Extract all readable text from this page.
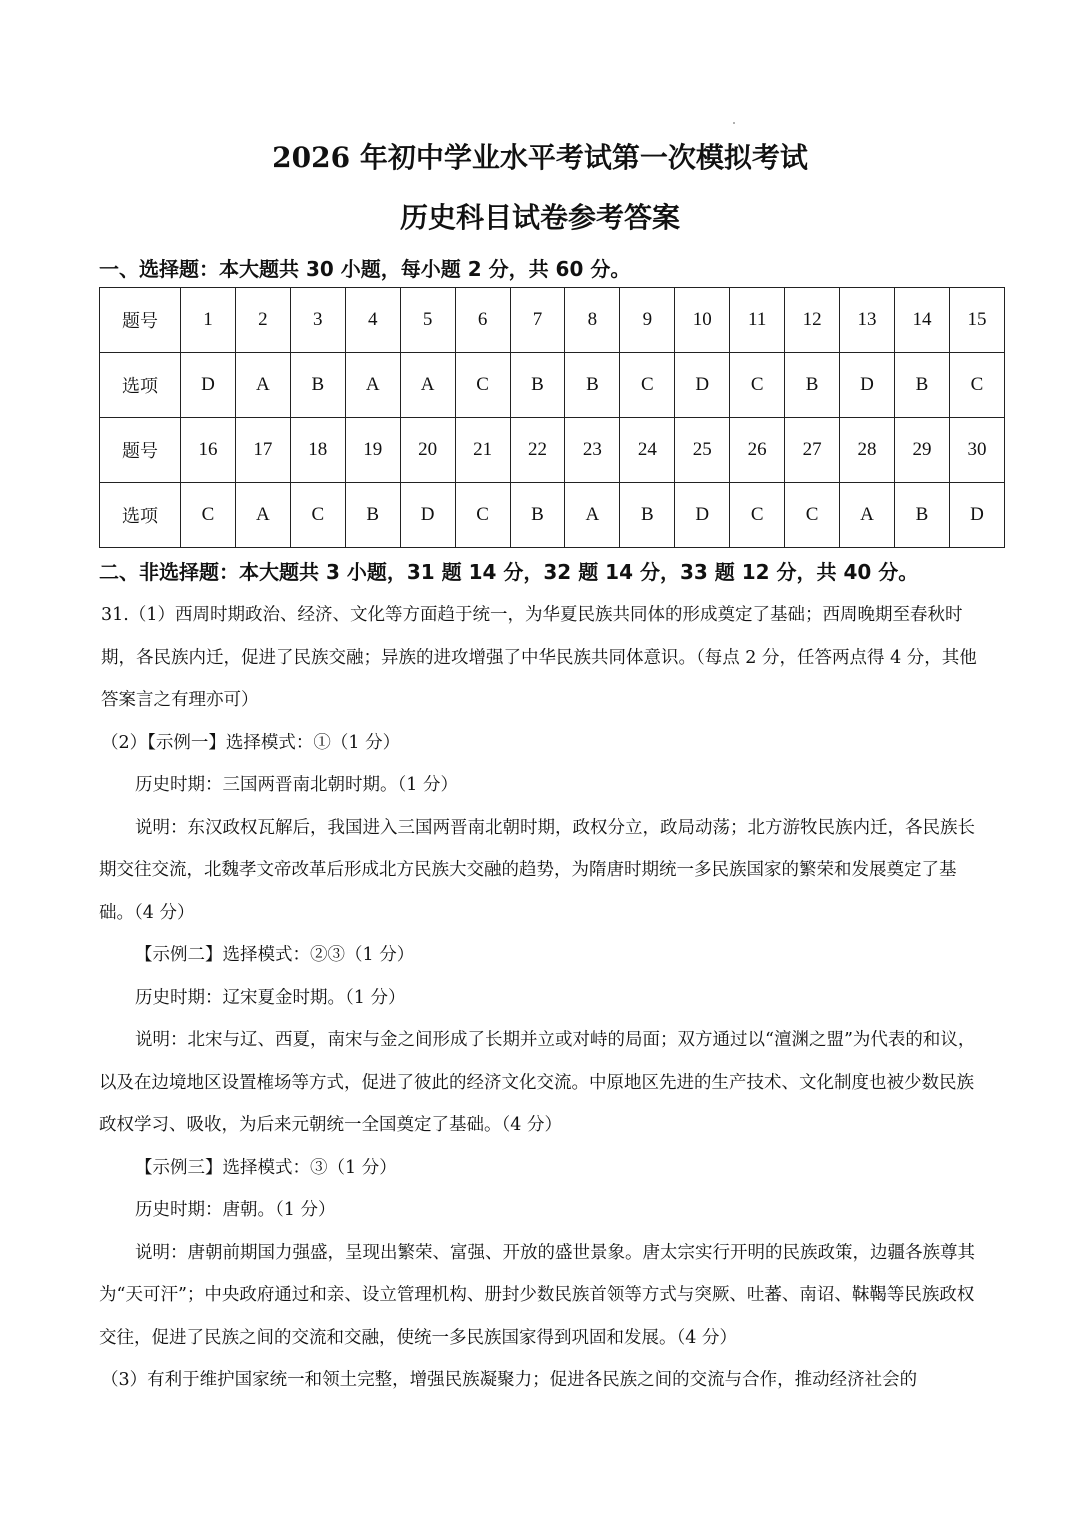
2026 年初中学业水平考试第一次模拟考试
历史科目试卷参考答案
一、选择题：本大题共 30 小题，每小题 2 分，共 60 分。
题号	1	2	3	4	5	6	7	8	9	10	11	12	13	14	15
选项	D	A	B	A	A	C	B	B	C	D	C	B	D	B	C
题号	16	17	18	19	20	21	22	23	24	25	26	27	28	29	30
选项	C	A	C	B	D	C	B	A	B	D	C	C	A	B	D
二、非选择题：本大题共 3 小题，31 题 14 分，32 题 14 分，33 题 12 分，共 40 分。

31.（1）西周时期政治、经济、文化等方面趋于统一，为华夏民族共同体的形成奠定了基础；西周晚期至春秋时期，各民族内迁，促进了民族交融；异族的进攻增强了中华民族共同体意识。（每点 2 分，任答两点得 4 分，其他答案言之有理亦可）

（2）【示例一】选择模式：①（1 分）

历史时期：三国两晋南北朝时期。（1 分）

说明：东汉政权瓦解后，我国进入三国两晋南北朝时期，政权分立，政局动荡；北方游牧民族内迁，各民族长期交往交流，北魏孝文帝改革后形成北方民族大交融的趋势，为隋唐时期统一多民族国家的繁荣和发展奠定了基础。（4 分）

【示例二】选择模式：②③（1 分）

历史时期：辽宋夏金时期。（1 分）

说明：北宋与辽、西夏，南宋与金之间形成了长期并立或对峙的局面；双方通过以“澶渊之盟”为代表的和议，以及在边境地区设置榷场等方式，促进了彼此的经济文化交流。中原地区先进的生产技术、文化制度也被少数民族政权学习、吸收，为后来元朝统一全国奠定了基础。（4 分）

【示例三】选择模式：③（1 分）

历史时期：唐朝。（1 分）

说明：唐朝前期国力强盛，呈现出繁荣、富强、开放的盛世景象。唐太宗实行开明的民族政策，边疆各族尊其为“天可汗”；中央政府通过和亲、设立管理机构、册封少数民族首领等方式与突厥、吐蕃、南诏、靺鞨等民族政权交往，促进了民族之间的交流和交融，使统一多民族国家得到巩固和发展。（4 分）

（3）有利于维护国家统一和领土完整，增强民族凝聚力；促进各民族之间的交流与合作，推动经济社会的
